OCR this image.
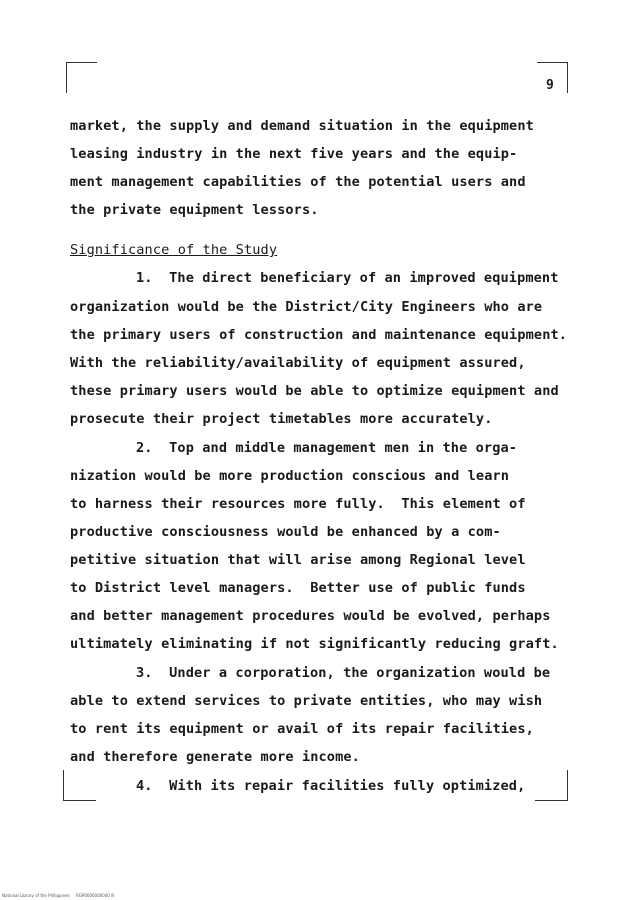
9
market, the supply and demand situation in the equipment
leasing industry in the next five years and the equip-
ment management capabilities of the potential users and
the private equipment lessors.
Significance of the Study
1.  The direct beneficiary of an improved equipment
organization would be the District/City Engineers who are
the primary users of construction and maintenance equipment.
With the reliability/availability of equipment assured,
these primary users would be able to optimize equipment and
prosecute their project timetables more accurately.
2.  Top and middle management men in the orga-
nization would be more production conscious and learn
to harness their resources more fully.  This element of
productive consciousness would be enhanced by a com-
petitive situation that will arise among Regional level
to District level managers.  Better use of public funds
and better management procedures would be evolved, perhaps
ultimately eliminating if not significantly reducing graft.
3.  Under a corporation, the organization would be
able to extend services to private entities, who may wish
to rent its equipment or avail of its repair facilities,
and therefore generate more income.
4.  With its repair facilities fully optimized,
National Library of the Philippines     RGP0000000000 lll
